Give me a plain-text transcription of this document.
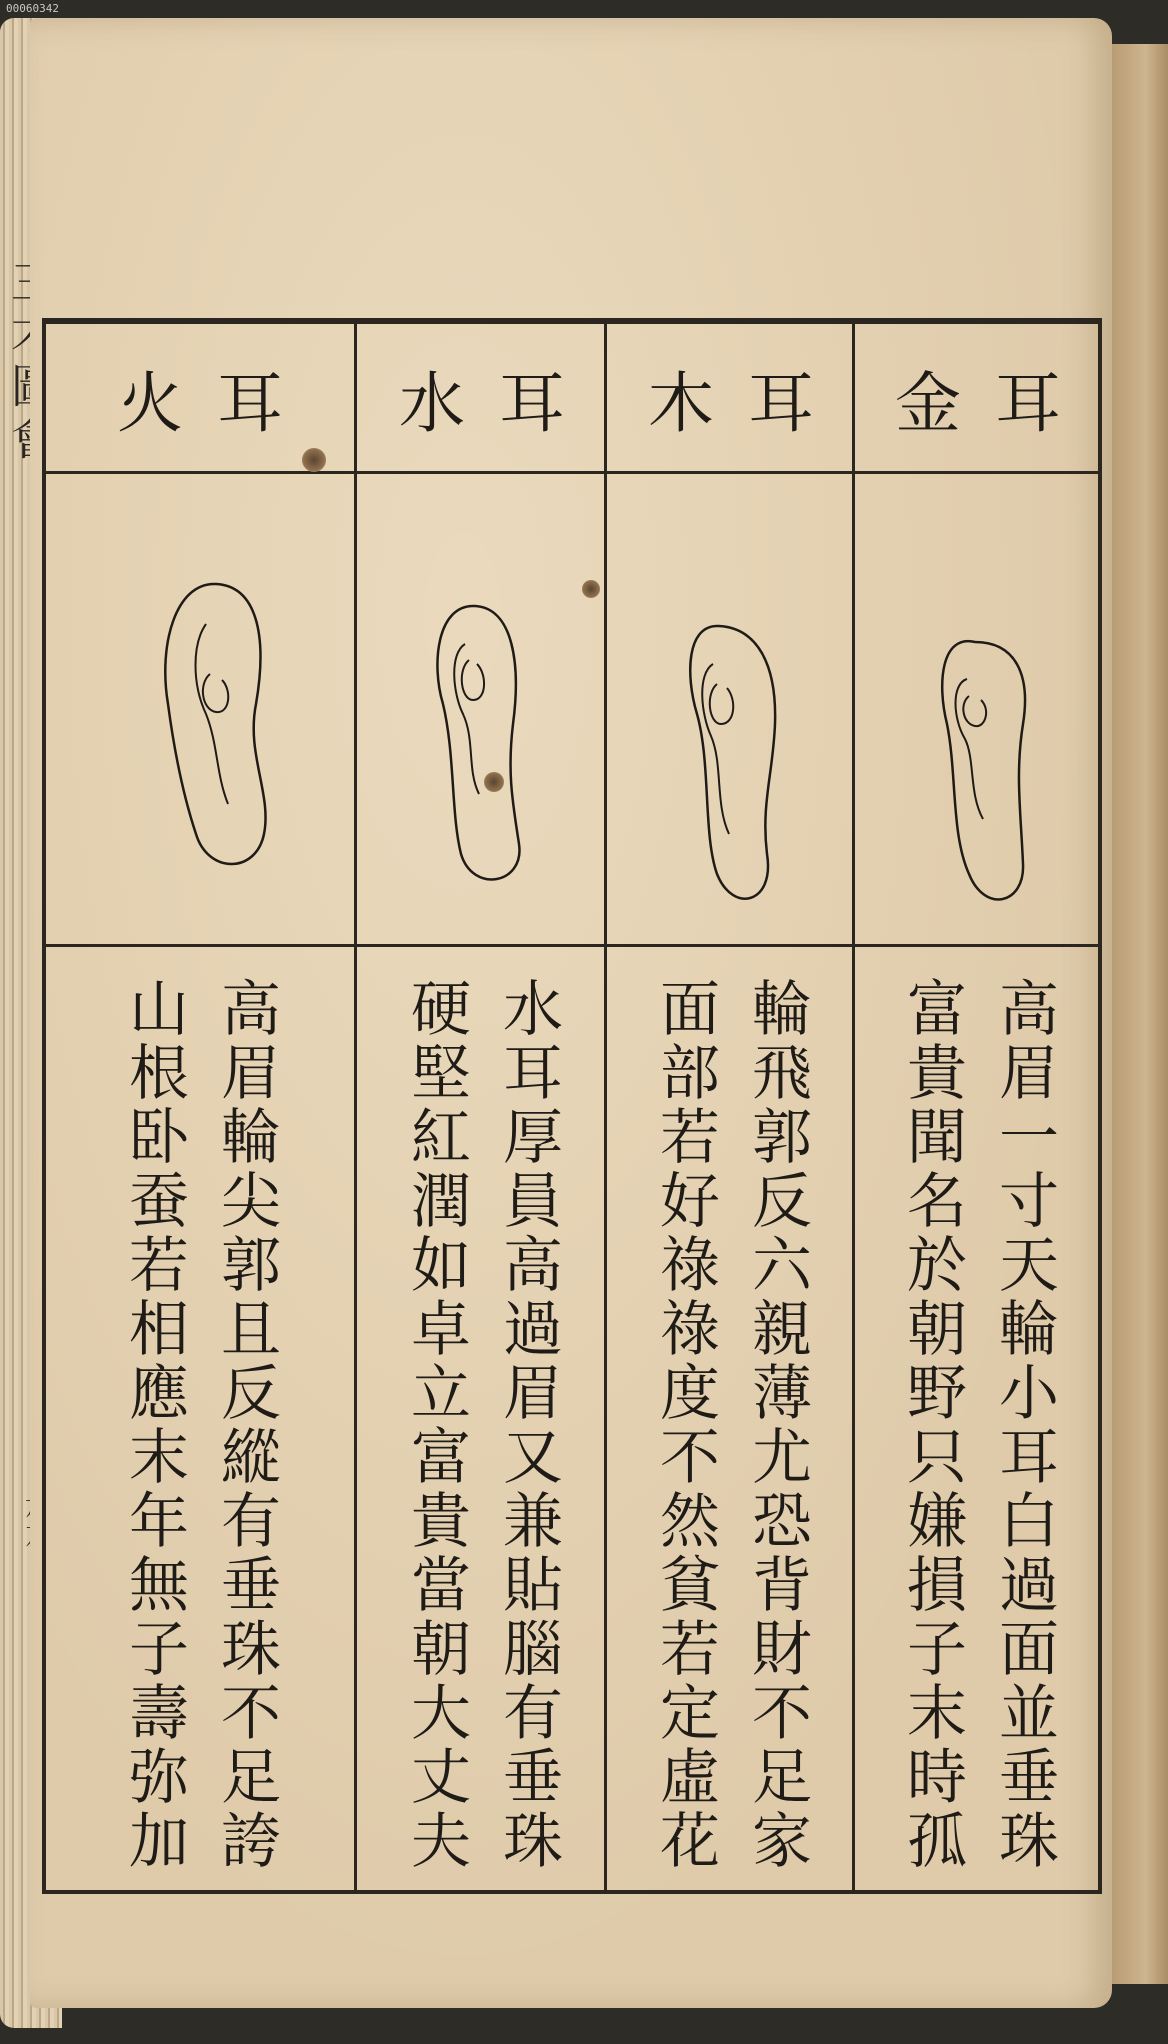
00060342
金耳
高眉一寸天輪小耳白過面並垂珠
富貴聞名於朝野只嫌損子末時孤
木耳
輪飛郭反六親薄尤恐背財不足家
面部若好祿祿度不然貧若定虛花
水耳
水耳厚員高過眉又兼貼腦有垂珠
硬堅紅潤如卓立富貴當朝大丈夫
火耳
高眉輪尖郭且反縱有垂珠不足誇
山根卧蚕若相應末年無子壽弥加
